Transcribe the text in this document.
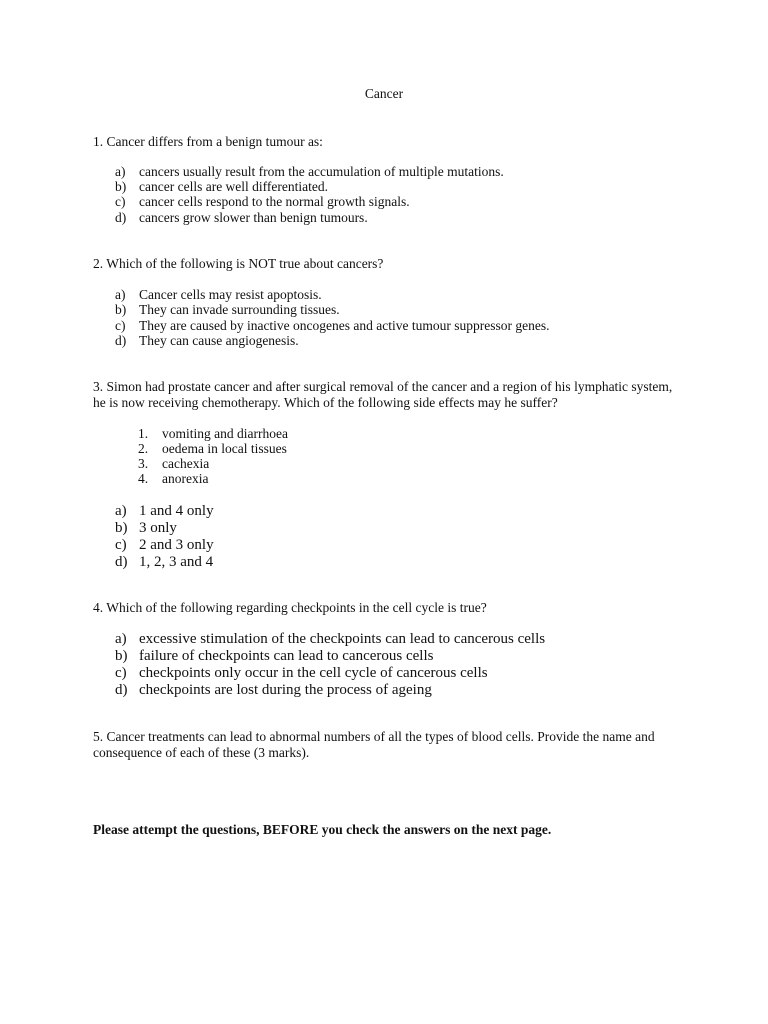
Cancer
1. Cancer differs from a benign tumour as:
a) cancers usually result from the accumulation of multiple mutations.
b) cancer cells are well differentiated.
c) cancer cells respond to the normal growth signals.
d) cancers grow slower than benign tumours.
2. Which of the following is NOT true about cancers?
a) Cancer cells may resist apoptosis.
b) They can invade surrounding tissues.
c) They are caused by inactive oncogenes and active tumour suppressor genes.
d) They can cause angiogenesis.
3. Simon had prostate cancer and after surgical removal of the cancer and a region of his lymphatic system, he is now receiving chemotherapy. Which of the following side effects may he suffer?
1. vomiting and diarrhoea
2. oedema in local tissues
3. cachexia
4. anorexia
a) 1 and 4 only
b) 3 only
c) 2 and 3 only
d) 1, 2, 3 and 4
4. Which of the following regarding checkpoints in the cell cycle is true?
a) excessive stimulation of the checkpoints can lead to cancerous cells
b) failure of checkpoints can lead to cancerous cells
c) checkpoints only occur in the cell cycle of cancerous cells
d) checkpoints are lost during the process of ageing
5. Cancer treatments can lead to abnormal numbers of all the types of blood cells. Provide the name and consequence of each of these (3 marks).
Please attempt the questions, BEFORE you check the answers on the next page.
